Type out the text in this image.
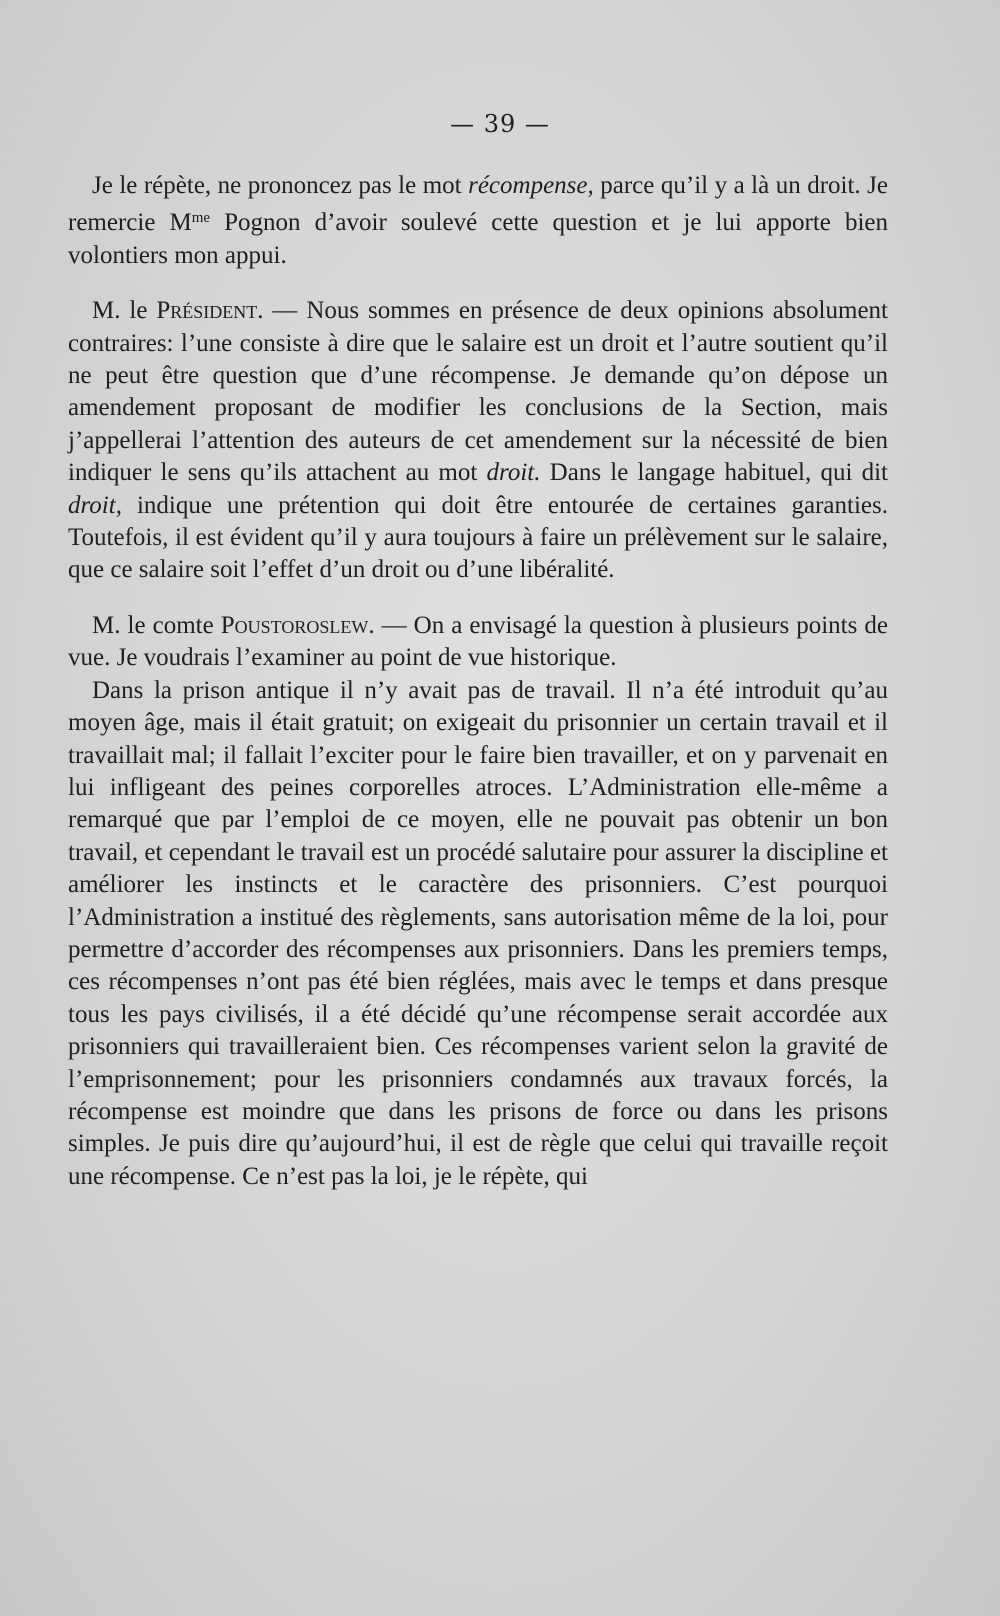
— 39 —

Je le répète, ne prononcez pas le mot récompense, parce qu’il y a là un droit. Je remercie $M^{me}$ Pognon d’avoir soulevé cette question et je lui apporte bien volontiers mon appui.

M. le Président. — Nous sommes en présence de deux opinions absolument contraires: l’une consiste à dire que le salaire est un droit et l’autre soutient qu’il ne peut être question que d’une récompense. Je demande qu’on dépose un amendement proposant de modifier les conclusions de la Section, mais j’appellerai l’attention des auteurs de cet amendement sur la nécessité de bien indiquer le sens qu’ils attachent au mot droit. Dans le langage habituel, qui dit droit, indique une prétention qui doit être entourée de certaines garanties. Toutefois, il est évident qu’il y aura toujours à faire un prélèvement sur le salaire, que ce salaire soit l’effet d’un droit ou d’une libéralité.

M. le comte Poustoroslew. — On a envisagé la question à plusieurs points de vue. Je voudrais l’examiner au point de vue historique.

Dans la prison antique il n’y avait pas de travail. Il n’a été introduit qu’au moyen âge, mais il était gratuit; on exigeait du prisonnier un certain travail et il travaillait mal; il fallait l’exciter pour le faire bien travailler, et on y parvenait en lui infligeant des peines corporelles atroces. L’Administration elle-même a remarqué que par l’emploi de ce moyen, elle ne pouvait pas obtenir un bon travail, et cependant le travail est un procédé salutaire pour assurer la discipline et améliorer les instincts et le caractère des prisonniers. C’est pourquoi l’Administration a institué des règlements, sans autorisation même de la loi, pour permettre d’accorder des récompenses aux prisonniers. Dans les premiers temps, ces récompenses n’ont pas été bien réglées, mais avec le temps et dans presque tous les pays civilisés, il a été décidé qu’une récompense serait accordée aux prisonniers qui travailleraient bien. Ces récompenses varient selon la gravité de l’emprisonnement; pour les prisonniers condamnés aux travaux forcés, la récompense est moindre que dans les prisons de force ou dans les prisons simples. Je puis dire qu’aujourd’hui, il est de règle que celui qui travaille reçoit une récompense. Ce n’est pas la loi, je le répète, qui
